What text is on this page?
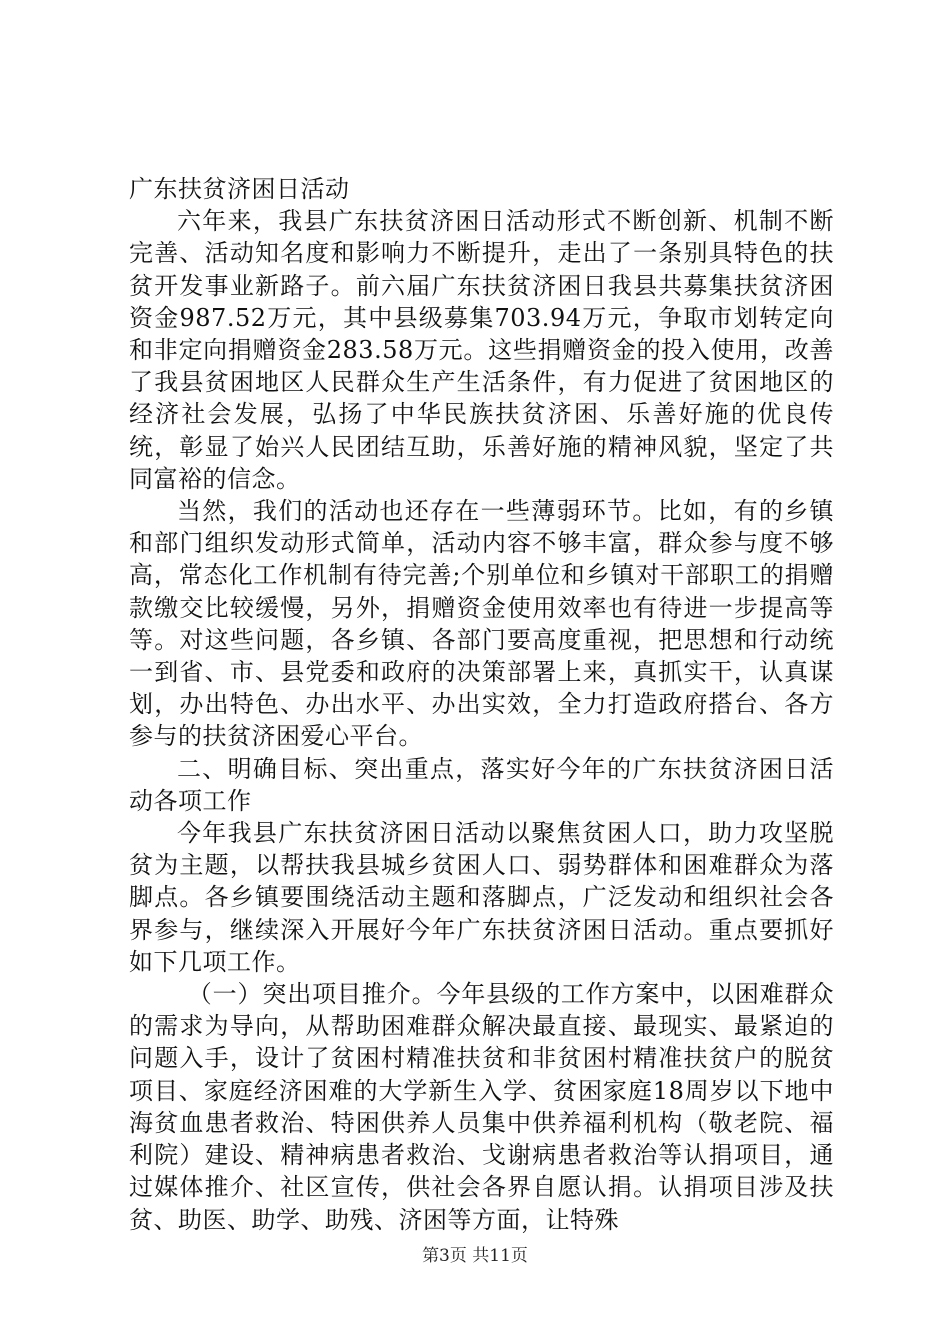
广东扶贫济困日活动

六年来，我县广东扶贫济困日活动形式不断创新、机制不断完善、活动知名度和影响力不断提升，走出了一条别具特色的扶贫开发事业新路子。前六届广东扶贫济困日我县共募集扶贫济困资金987.52万元，其中县级募集703.94万元，争取市划转定向和非定向捐赠资金283.58万元。这些捐赠资金的投入使用，改善了我县贫困地区人民群众生产生活条件，有力促进了贫困地区的经济社会发展，弘扬了中华民族扶贫济困、乐善好施的优良传统，彰显了始兴人民团结互助，乐善好施的精神风貌，坚定了共同富裕的信念。

当然，我们的活动也还存在一些薄弱环节。比如，有的乡镇和部门组织发动形式简单，活动内容不够丰富，群众参与度不够高，常态化工作机制有待完善;个别单位和乡镇对干部职工的捐赠款缴交比较缓慢，另外，捐赠资金使用效率也有待进一步提高等等。对这些问题，各乡镇、各部门要高度重视，把思想和行动统一到省、市、县党委和政府的决策部署上来，真抓实干，认真谋划，办出特色、办出水平、办出实效，全力打造政府搭台、各方参与的扶贫济困爱心平台。

二、明确目标、突出重点，落实好今年的广东扶贫济困日活动各项工作

今年我县广东扶贫济困日活动以聚焦贫困人口，助力攻坚脱贫为主题，以帮扶我县城乡贫困人口、弱势群体和困难群众为落脚点。各乡镇要围绕活动主题和落脚点，广泛发动和组织社会各界参与，继续深入开展好今年广东扶贫济困日活动。重点要抓好如下几项工作。

（一）突出项目推介。今年县级的工作方案中，以困难群众的需求为导向，从帮助困难群众解决最直接、最现实、最紧迫的问题入手，设计了贫困村精准扶贫和非贫困村精准扶贫户的脱贫项目、家庭经济困难的大学新生入学、贫困家庭18周岁以下地中海贫血患者救治、特困供养人员集中供养福利机构（敬老院、福利院）建设、精神病患者救治、戈谢病患者救治等认捐项目，通过媒体推介、社区宣传，供社会各界自愿认捐。认捐项目涉及扶贫、助医、助学、助残、济困等方面，让特殊

第3页 共11页
